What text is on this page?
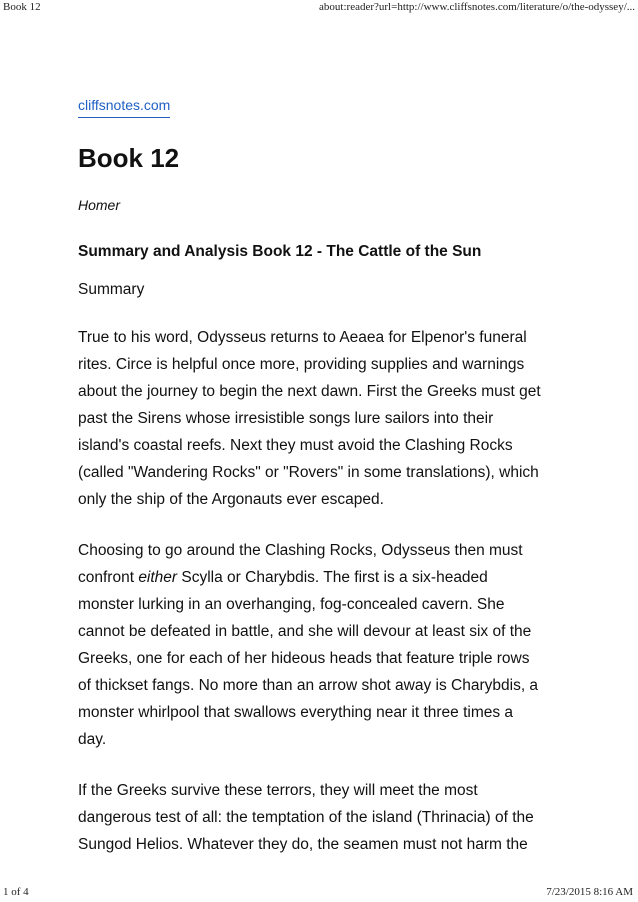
Book 12	about:reader?url=http://www.cliffsnotes.com/literature/o/the-odyssey/...
cliffsnotes.com
Book 12
Homer
Summary and Analysis Book 12 - The Cattle of the Sun
Summary

True to his word, Odysseus returns to Aeaea for Elpenor's funeral
rites. Circe is helpful once more, providing supplies and warnings
about the journey to begin the next dawn. First the Greeks must get
past the Sirens whose irresistible songs lure sailors into their
island's coastal reefs. Next they must avoid the Clashing Rocks
(called "Wandering Rocks" or "Rovers" in some translations), which
only the ship of the Argonauts ever escaped.

Choosing to go around the Clashing Rocks, Odysseus then must
confront either Scylla or Charybdis. The first is a six-headed
monster lurking in an overhanging, fog-concealed cavern. She
cannot be defeated in battle, and she will devour at least six of the
Greeks, one for each of her hideous heads that feature triple rows
of thickset fangs. No more than an arrow shot away is Charybdis, a
monster whirlpool that swallows everything near it three times a
day.

If the Greeks survive these terrors, they will meet the most
dangerous test of all: the temptation of the island (Thrinacia) of the
Sungod Helios. Whatever they do, the seamen must not harm the

1 of 4	7/23/2015 8:16 AM
